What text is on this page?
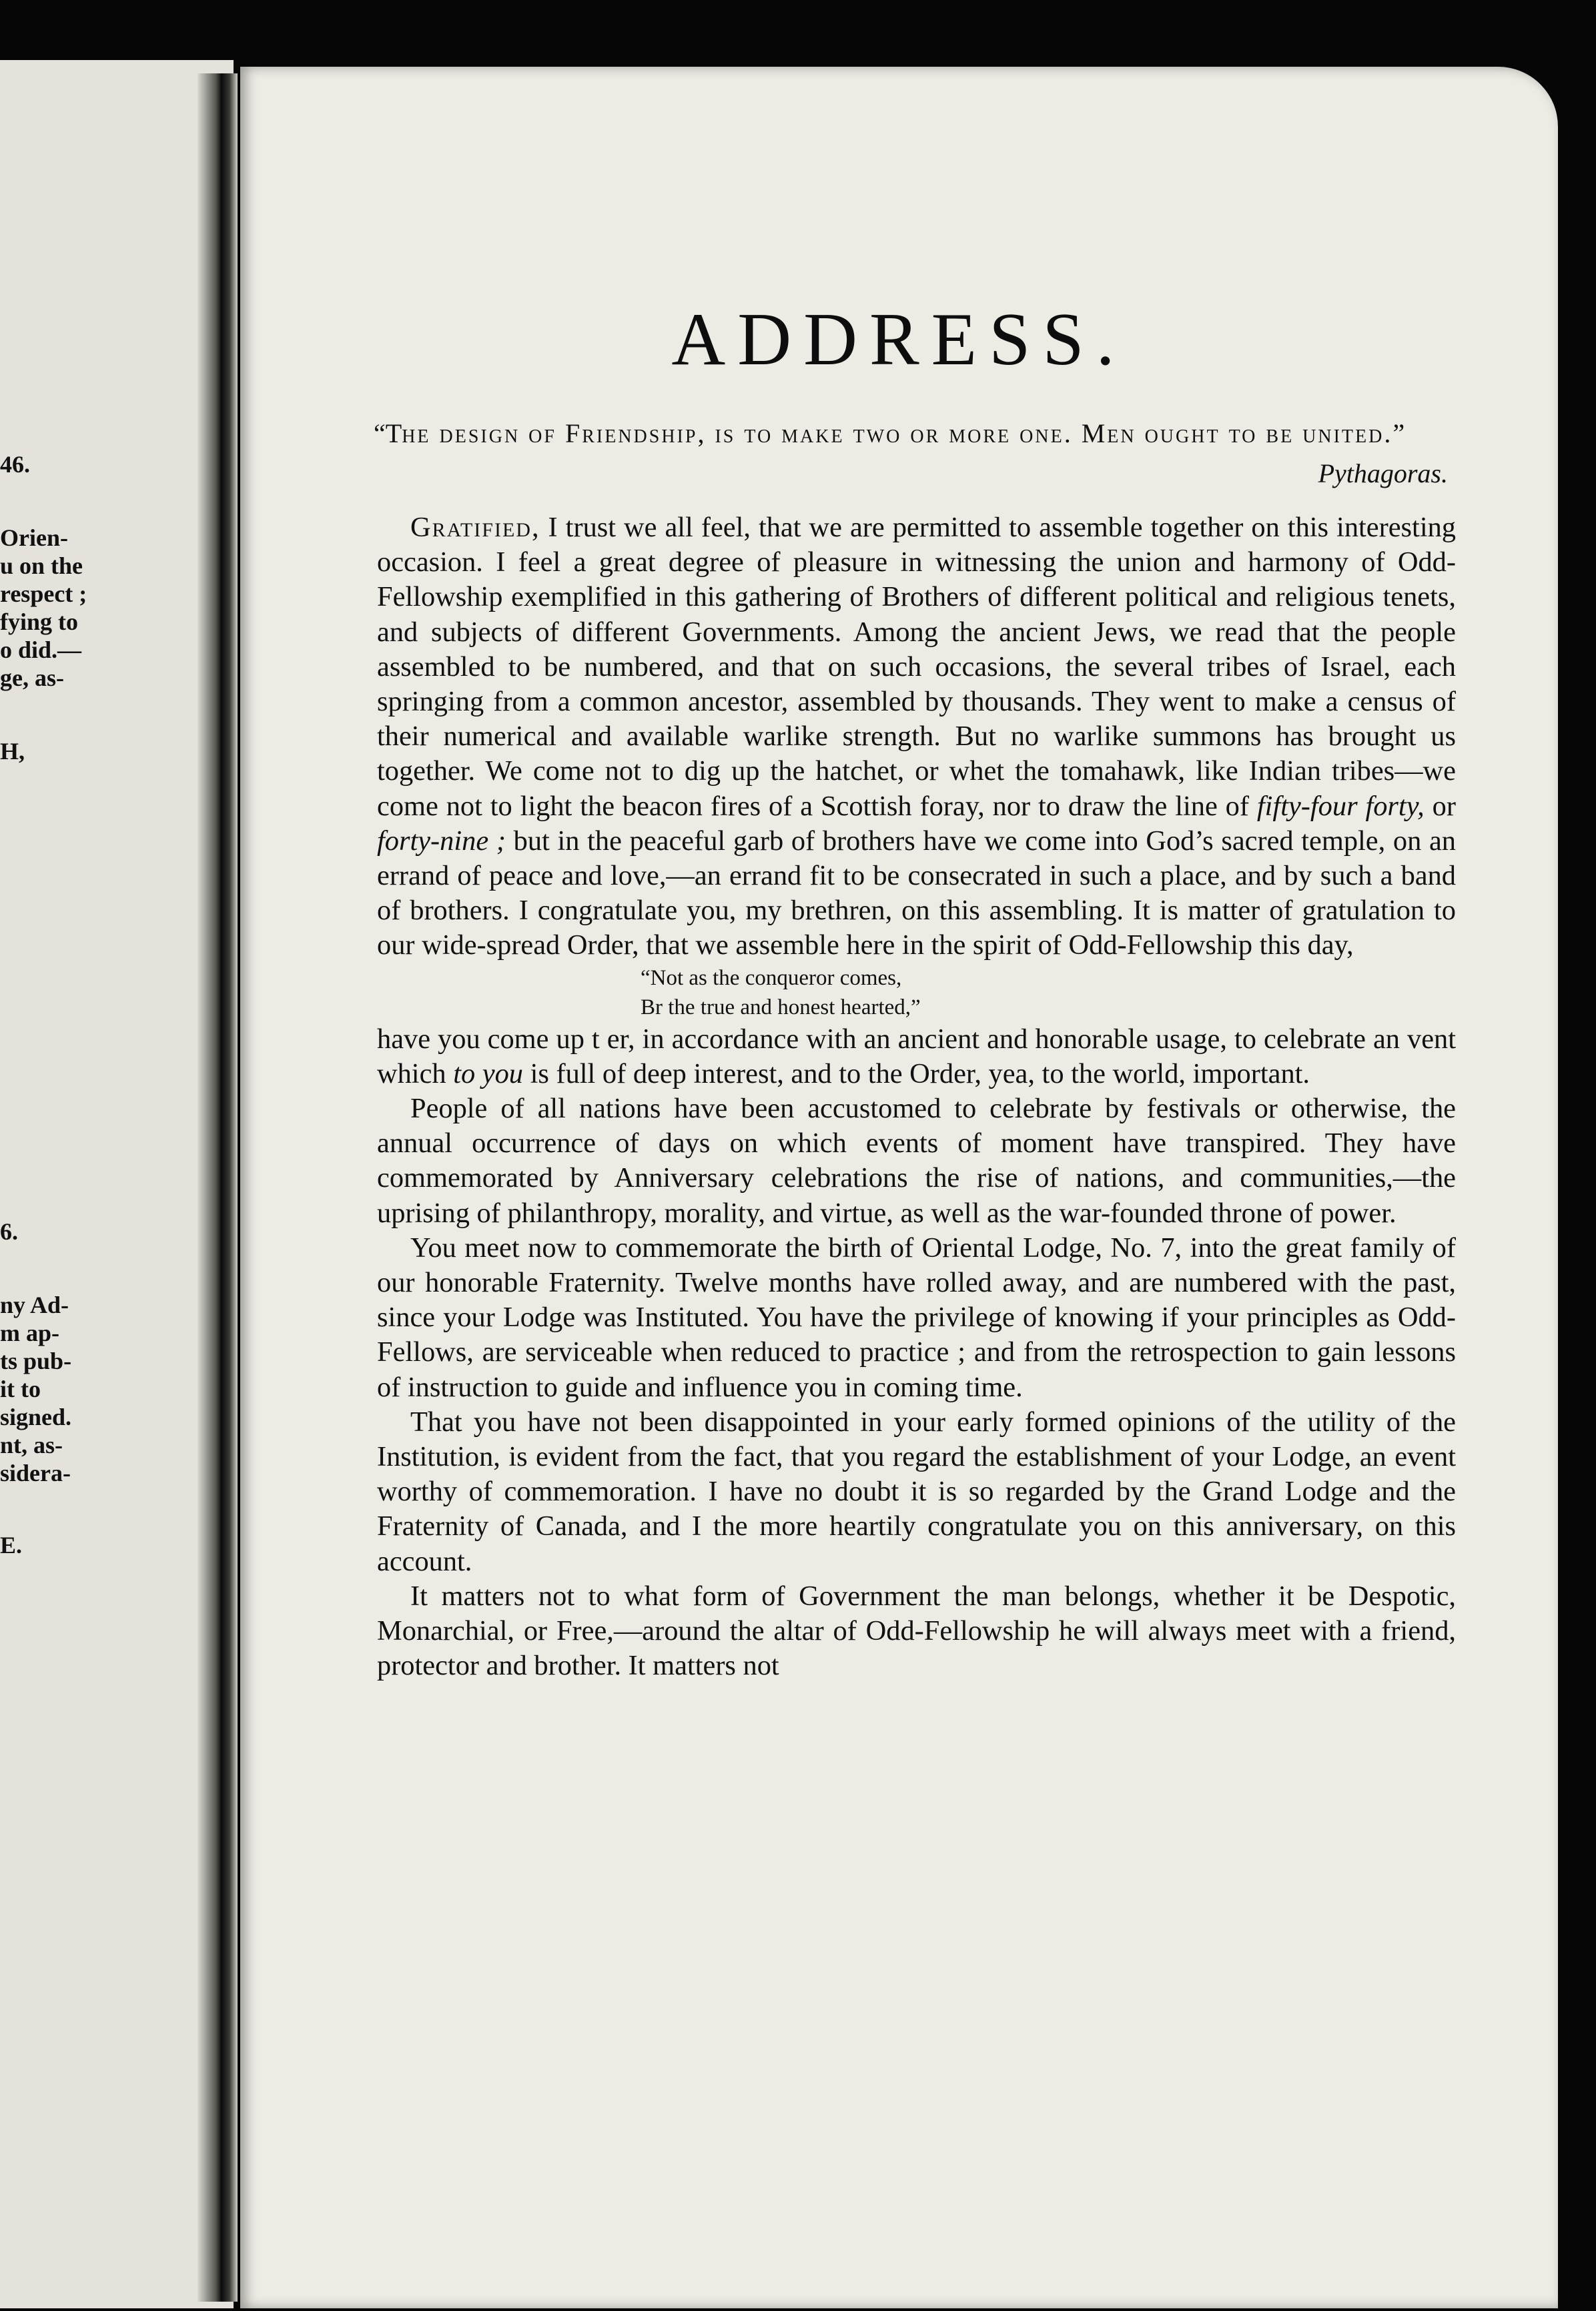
46.
Orien-
u on the
respect ;
fying to
o did.—
ge, as-
H,
6.
ny Ad-
m ap-
ts pub-
it to
signed.
nt, as-
sidera-
E.
ADDRESS.
“The design of Friendship, is to make two or more one. Men ought to be united.”
Pythagoras.

Gratified, I trust we all feel, that we are permitted to assemble together on this interesting occasion. I feel a great degree of pleasure in witnessing the union and harmony of Odd-Fellowship exemplified in this gathering of Brothers of different political and religious tenets, and subjects of different Governments. Among the ancient Jews, we read that the people assembled to be numbered, and that on such occasions, the several tribes of Israel, each springing from a common ancestor, assembled by thousands. They went to make a census of their numerical and available warlike strength. But no warlike summons has brought us together. We come not to dig up the hatchet, or whet the tomahawk, like Indian tribes—we come not to light the beacon fires of a Scottish foray, nor to draw the line of fifty-four forty, or forty-nine ; but in the peaceful garb of brothers have we come into God’s sacred temple, on an errand of peace and love,—an errand fit to be consecrated in such a place, and by such a band of brothers. I congratulate you, my brethren, on this assembling. It is matter of gratulation to our wide-spread Order, that we assemble here in the spirit of Odd-Fellowship this day,

“Not as the conqueror comes,
Br the true and honest hearted,”

have you come up t er, in accordance with an ancient and honorable usage, to celebrate an vent which to you is full of deep interest, and to the Order, yea, to the world, important.

People of all nations have been accustomed to celebrate by festivals or otherwise, the annual occurrence of days on which events of moment have transpired. They have commemorated by Anniversary celebrations the rise of nations, and communities,—the uprising of philanthropy, morality, and virtue, as well as the war-founded throne of power.

You meet now to commemorate the birth of Oriental Lodge, No. 7, into the great family of our honorable Fraternity. Twelve months have rolled away, and are numbered with the past, since your Lodge was Instituted. You have the privilege of knowing if your principles as Odd-Fellows, are serviceable when reduced to practice ; and from the retrospection to gain lessons of instruction to guide and influence you in coming time.

That you have not been disappointed in your early formed opinions of the utility of the Institution, is evident from the fact, that you regard the establishment of your Lodge, an event worthy of commemoration. I have no doubt it is so regarded by the Grand Lodge and the Fraternity of Canada, and I the more heartily congratulate you on this anniversary, on this account.

It matters not to what form of Government the man belongs, whether it be Despotic, Monarchial, or Free,—around the altar of Odd-Fellowship he will always meet with a friend, protector and brother. It matters not
